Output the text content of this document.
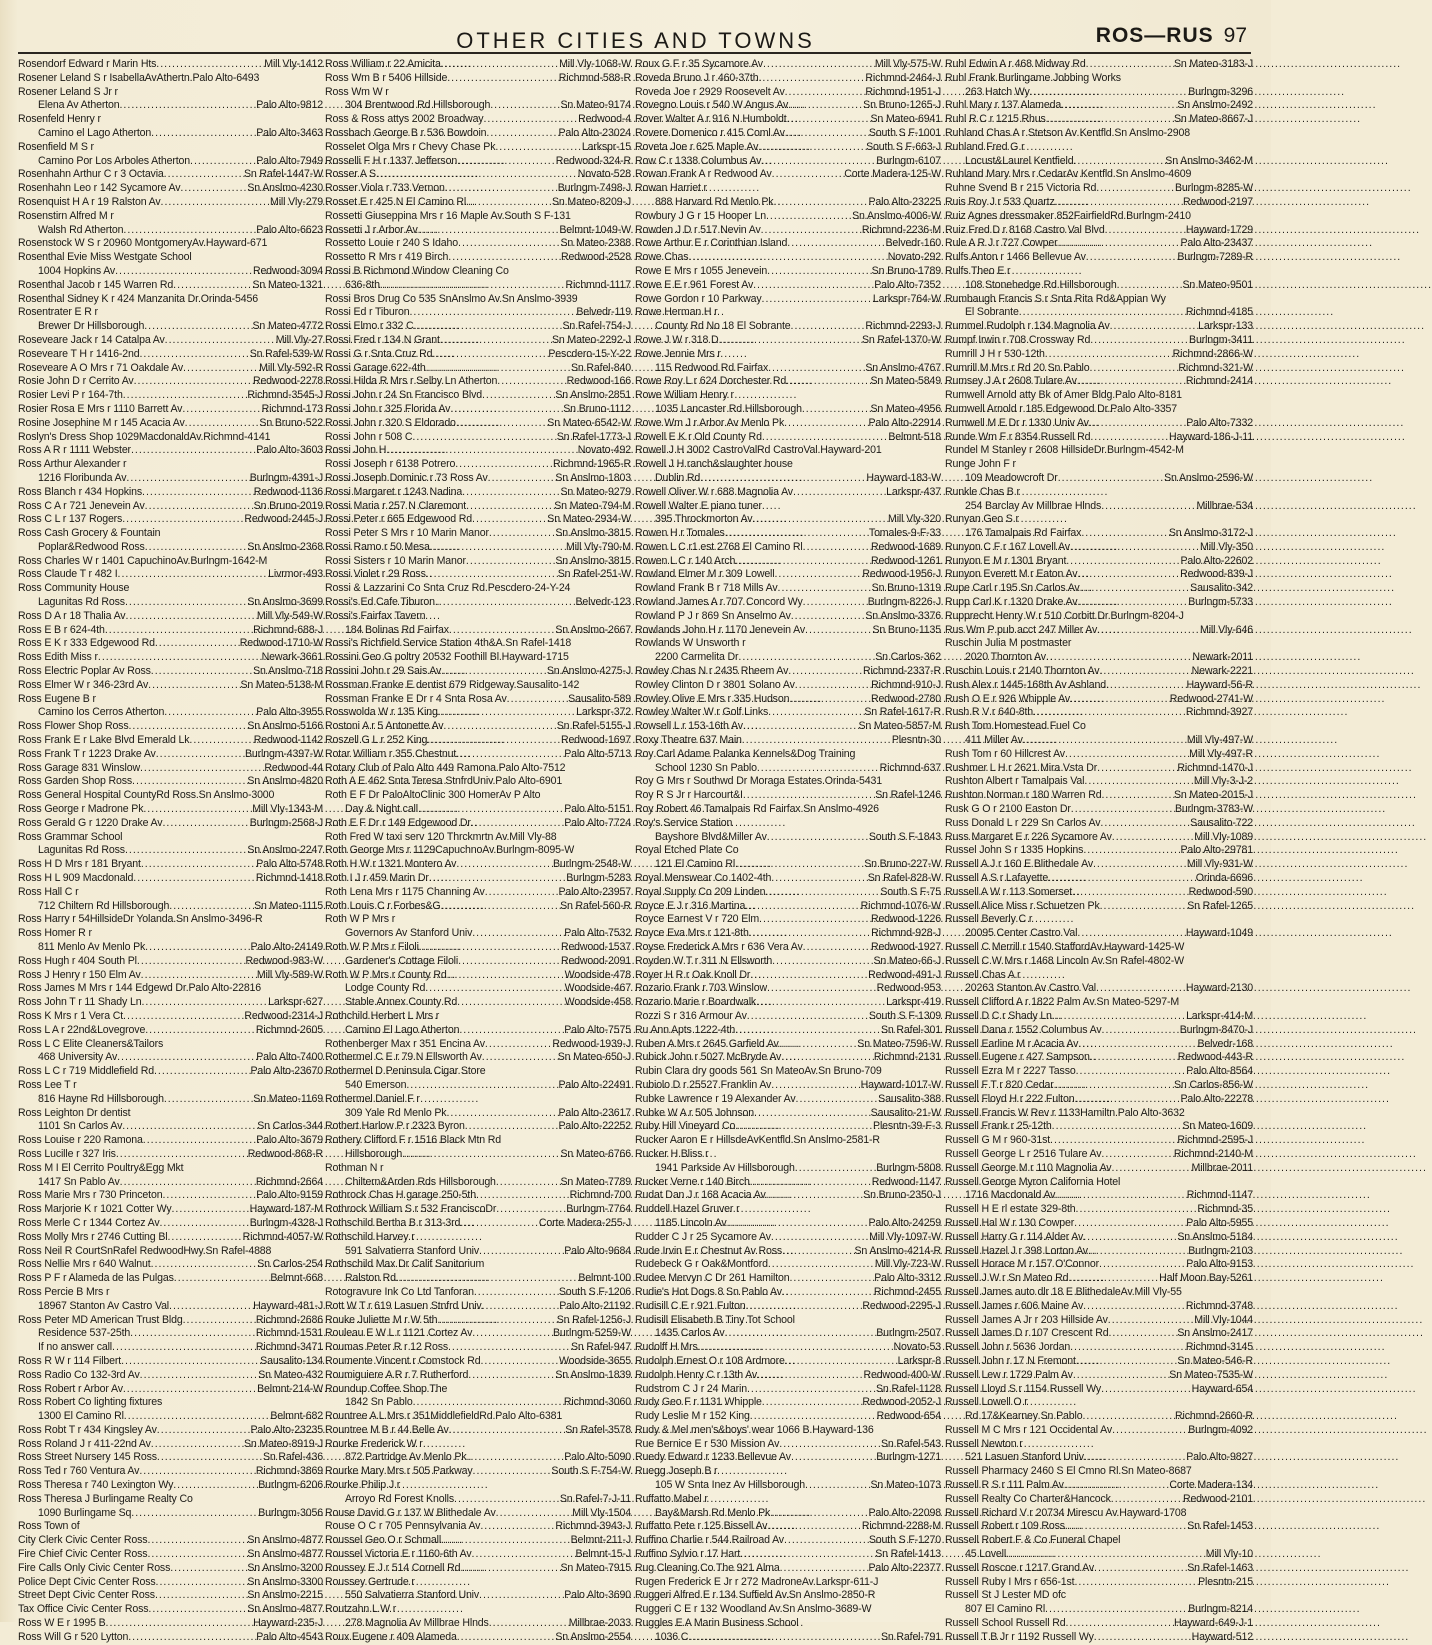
OTHER CITIES AND TOWNS	ROS—RUS 97
Rosendorf Edward r Marin Hts .....	Mill Vly-1412
Rosener Leland S r IsabellaAvAthertn.Palo Alto-6493
Rosener Leland S Jr r
Elena Av Atherton .....	Palo Alto-9812
Rosenfeld Henry r
Camino el Lago Atherton .....	Palo Alto-3463
Rosenfield M S r
Camino Por Los Arboles Atherton .....	Palo Alto-7949
Rosenhahn Arthur C r 3 Octavia .....	Sn Rafel-1447-W
Rosenhahn Leo r 142 Sycamore Av .....	Sn Anslmo-4230
Rosenquist H A r 19 Ralston Av .....	Mill Vly-279
Rosenstirn Alfred M r
Walsh Rd Atherton .....	Palo Alto-6623
Rosenstock W S r 20960 MontgomeryAv.Hayward-671
Rosenthal Evie Miss Westgate School
1004 Hopkins Av .....	Redwood-3094
Rosenthal Jacob r 145 Warren Rd .....	Sn Mateo-1321
Rosenthal Sidney K r 424 Manzanita Dr.Orinda-5456
Rosentrater E R r
Brewer Dr Hillsborough .....	Sn Mateo-4772
Roseveare Jack r 14 Catalpa Av .....	Mill Vly-27
Roseveare T H r 1416-2nd .....	Sn Rafel-539-W
Roseveare A O Mrs r 71 Oakdale Av .....	Mill Vly-592-R
Rosie John D r Cerrito Av .....	Redwood-2278
Rosier Levi P r 164-7th .....	Richmnd-3545-J
Rosier Rosa E Mrs r 1110 Barrett Av .....	Richmnd-173
Rosine Josephine M r 145 Acacia Av .....	Sn Bruno-522
Roslyn's Dress Shop 1029MacdonaldAv.Richmnd-4141
Ross A R r 1111 Webster .....	Palo Alto-3603
Ross Arthur Alexander r
1216 Floribunda Av .....	Burlngm-4391-J
Ross Blanch r 434 Hopkins .....	Redwood-1136
Ross C A r 721 Jenevein Av .....	Sn Bruno-2019
Ross C L r 137 Rogers .....	Redwood-2445-J
Ross Cash Grocery & Fountain
Poplar&Redwood Ross .....	Sn Anslmo-2368
Ross Charles W r 1401 CapuchinoAv.Burlngm-1642-M
Ross Claude T r 482 I .....	Livrmor-493
Ross Community House
Lagunitas Rd Ross .....	Sn Anslmo-3699
Ross D A r 18 Thalia Av .....	Mill Vly-549-W
Ross E B r 624-4th .....	Richmnd-688-J
Ross E K r 333 Edgewood Rd .....	Redwood-1710-W
Ross Edith Miss r .....	Newark-3661
Ross Electric Poplar Av Ross .....	Sn Anslmo-718
Ross Elmer W r 346-23rd Av .....	Sn Mateo-5138-M
Ross Eugene B r
Camino los Cerros Atherton .....	Palo Alto-3955
Ross Flower Shop Ross .....	Sn Anslmo-5166
Ross Frank E r Lake Blvd Emerald Lk .....	Redwood-1142
Ross Frank T r 1223 Drake Av .....	Burlngm-4397-W
Ross Garage 831 Winslow .....	Redwood-44
Ross Garden Shop Ross .....	Sn Anslmo-4820
Ross General Hospital CountyRd Ross.Sn Anslmo-3000
Ross George r Madrone Pk .....	Mill Vly-1343-M
Ross Gerald G r 1220 Drake Av .....	Burlngm-2568-J
Ross Grammar School
Lagunitas Rd Ross .....	Sn Anslmo-2247
Ross H D Mrs r 181 Bryant .....	Palo Alto-5748
Ross H L 909 Macdonald .....	Richmnd-1418
Ross Hall C r
712 Chiltern Rd Hillsborough .....	Sn Mateo-1115
Ross Harry r 54HillsideDr Yolanda.Sn Anslmo-3496-R
Ross Homer R r
811 Menlo Av Menlo Pk .....	Palo Alto-24149
Ross Hugh r 404 South Pl .....	Redwood-983-W
Ross J Henry r 150 Elm Av .....	Mill Vly-589-W
Ross James M Mrs r 144 Edgewd Dr.Palo Alto-22816
Ross John T r 11 Shady Ln .....	Larkspr-627
Ross K Mrs r 1 Vera Ct .....	Redwood-2314-J
Ross L A r 22nd&Lovegrove .....	Richmnd-2605
Ross L C Elite Cleaners&Tailors
468 University Av .....	Palo Alto-7400
Ross L C r 719 Middlefield Rd .....	Palo Alto-23670
Ross Lee T r
816 Hayne Rd Hillsborough .....	Sn Mateo-1169
Ross Leighton Dr dentist
1101 Sn Carlos Av .....	Sn Carlos-344
Ross Louise r 220 Ramona .....	Palo Alto-3679
Ross Lucille r 327 Iris .....	Redwood-868-R
Ross M I El Cerrito Poultry&Egg Mkt
1417 Sn Pablo Av .....	Richmnd-2664
Ross Marie Mrs r 730 Princeton .....	Palo Alto-9159
Ross Marjorie K r 1021 Cotter Wy .....	Hayward-187-M
Ross Merle C r 1344 Cortez Av .....	Burlngm-4328-J
Ross Molly Mrs r 2746 Cutting Bl .....	Richmnd-4057-W
Ross Neil R CourtSnRafel RedwoodHwy.Sn Rafel-4888
Ross Nellie Mrs r 640 Walnut .....	Sn Carlos-254
Ross P F r Alameda de las Pulgas .....	Belmnt-668
Ross Percie B Mrs r
18967 Stanton Av Castro Val .....	Hayward-481-J
Ross Peter MD American Trust Bldg .....	Richmnd-2686
Residence 537-25th .....	Richmnd-1531
If no answer call .....	Richmnd-3471
Ross R W r 114 Filbert .....	Sausalito-134
Ross Radio Co 132-3rd Av .....	Sn Mateo-432
Ross Robert r Arbor Av .....	Belmnt-214-W
Ross Robert Co lighting fixtures
1300 El Camino Rl .....	Belmnt-682
Ross Robt T r 434 Kingsley Av .....	Palo Alto-23235
Ross Roland J r 411-22nd Av .....	Sn Mateo-8919-J
Ross Street Nursery 145 Ross .....	Sn Rafel-436
Ross Ted r 760 Ventura Av .....	Richmnd-3869
Ross Theresa r 740 Lexington Wy .....	Burlngm-6206
Ross Theresa J Burlingame Realty Co
1090 Burlingame Sq .....	Burlngm-3056
Ross Town of
City Clerk Civic Center Ross .....	Sn Anslmo-4877
Fire Chief Civic Center Ross .....	Sn Anslmo-4877
Fire Calls Only Civic Center Ross .....	Sn Anslmo-3200
Police Dept Civic Center Ross .....	Sn Anslmo-3300
Street Dept Civic Center Ross .....	Sn Anslmo-2215
Tax Office Civic Center Ross .....	Sn Anslmo-4877
Ross W E r 1995 B .....	Hayward-235-J
Ross Will G r 520 Lytton .....	Palo Alto-4543
Ross William r 22 Amicita .....	Mill Vly-1068-W
Ross Wm B r 5406 Hillside .....	Richmnd-588-R
Ross Wm W r
304 Brentwood Rd Hillsborough .....	Sn Mateo-9174
Ross & Ross attys 2002 Broadway .....	Redwood-4
Rossbach George B r 536 Bowdoin .....	Palo Alto-23024
Rosselet Olga Mrs r Chevy Chase Pk .....	Larkspr-15
Rosselli F H r 1337 Jefferson .....	Redwood-324-R
Rosser A S .....	Novato-528
Rosser Viola r 733 Vernon .....	Burlngm-7498-J
Rosset E r 425 N El Camino Rl .....	Sn Mateo-8209-J
Rossetti Giuseppina Mrs r 16 Maple Av.South S F-131
Rossetti J r Arbor Av .....	Belmnt-1049-W
Rossetto Louie r 240 S Idaho .....	Sn Mateo-2388
Rossetto R Mrs r 419 Birch .....	Redwood-2528
Rossi B Richmond Window Cleaning Co
636-8th .....	Richmnd-1117
Rossi Bros Drug Co 535 SnAnslmo Av.Sn Anslmo-3939
Rossi Ed r Tiburon .....	Belvedr-119
Rossi Elmo r 332 C .....	Sn Rafel-754-J
Rossi Fred r 134 N Grant .....	Sn Mateo-2292-J
Rossi G r Snta Cruz Rd .....	Pescdero-15-Y-22
Rossi Garage 622-4th .....	Sn Rafel-840
Rossi Hilda R Mrs r Selby Ln Atherton .....	Redwood-166
Rossi John r 24 Sn Francisco Blvd .....	Sn Anslmo-2851
Rossi John r 325 Florida Av .....	Sn Bruno-1112
Rossi John r 320 S Eldorado .....	Sn Mateo-6542-W
Rossi John r 508 C .....	Sn Rafel-1773-J
Rossi John H .....	Novato-492
Rossi Joseph r 6138 Potrero .....	Richmnd-1965-R
Rossi Joseph Dominic r 73 Ross Av .....	Sn Anslmo-1803
Rossi Margaret r 1243 Nadina .....	Sn Mateo-9279
Rossi Maria r 257 N Claremont .....	Sn Mateo-794-M
Rossi Peter r 665 Edgewood Rd .....	Sn Mateo-2934-W
Rossi Peter S Mrs r 10 Marin Manor .....	Sn Anslmo-3815
Rossi Ramo r 50 Mesa .....	Mill Vly-790-M
Rossi Sisters r 10 Marin Manor .....	Sn Anslmo-3815
Rossi Violet r 29 Ross .....	Sn Rafel-251-W
Rossi & Lazzarini Co Snta Cruz Rd.Pescdero-24-Y-24
Rossi's Ed Cafe Tiburon .....	Belvedr-123
Rossi's Fairfax Tavern
184 Bolinas Rd Fairfax .....	Sn Anslmo-2667
Rossi's Richfield Service Station 4th&A.Sn Rafel-1418
Rossini Geo G poltry 20532 Foothill Bl.Hayward-1715
Rossini John r 29 Sais Av .....	Sn Anslmo-4275-J
Rossman Franke E dentist 679 Ridgeway.Sausalito-142
Rossman Franke E Dr r 4 Snta Rosa Av .....	Sausalito-589
Rosswolda W r 135 King .....	Larkspr-372
Rostoni A r 5 Antonette Av .....	Sn Rafel-5155-J
Roszell G L r 252 King .....	Redwood-1697
Rotar William r 355 Chestnut .....	Palo Alto-5713
Rotary Club of Palo Alto 449 Ramona.Palo Alto-7512
Roth A E 462 Snta Teresa StnfrdUniv.Palo Alto-6901
Roth E F Dr PaloAltoClinic 300 HomerAv P Alto
Day & Night call .....	Palo Alto-5151
Roth E F Dr r 149 Edgewood Dr .....	Palo Alto-7724
Roth Fred W taxi serv 120 Thrckmrtn Av.Mill Vly-88
Roth George Mrs r 1129CapuchnoAv.Burlngm-8095-W
Roth H W r 1321 Montero Av .....	Burlngm-2548-W
Roth I J r 459 Marin Dr .....	Burlngm-5283
Roth Lena Mrs r 1175 Channing Av .....	Palo Alto-23957
Roth Louis C r Forbes&G .....	Sn Rafel-560-R
Roth W P Mrs r
Governors Av Stanford Univ .....	Palo Alto-7532
Roth W P Mrs r Filoli .....	Redwood-1537
Gardener's Cottage Filoli .....	Redwood-2091
Roth W P Mrs r County Rd .....	Woodside-478
Lodge County Rd .....	Woodside-467
Stable Annex County Rd .....	Woodside-458
Rothchild Herbert L Mrs r
Camino El Lago Atherton .....	Palo Alto-7575
Rothenberger Max r 351 Encina Av .....	Redwood-1939-J
Rothermel C E r 79 N Ellsworth Av .....	Sn Mateo-650-J
Rothermel D Peninsula Cigar Store
540 Emerson .....	Palo Alto-22491
Rothermel Daniel F r
309 Yale Rd Menlo Pk .....	Palo Alto-23617
Rothert Harlow P r 2323 Byron .....	Palo Alto-22252
Rothery Clifford F r 1516 Black Mtn Rd
Hillsborough .....	Sn Mateo-6766
Rothman N r
Chiltern&Arden Rds Hillsborough .....	Sn Mateo-7789
Rothrock Chas H garage 250-5th .....	Richmnd-700
Rothrock William S r 532 FranciscoDr .....	Burlngm-7764
Rothschild Bertha B r 313-3rd .....	Corte Madera-255-J
Rothschild Harvey r
591 Salvatierra Stanford Univ .....	Palo Alto-9684
Rothschild Max Dr Calif Sanitorium
Ralston Rd .....	Belmnt-100
Rotogravure Ink Co Ltd Tanforan .....	South S F-1206
Rott W T r 619 Lasuen Stnfrd Univ .....	Palo Alto-21192
Rouke Juliette M r W 5th .....	Sn Rafel-1256-J
Rouleau E W L r 1121 Cortez Av .....	Burlngm-5259-W
Roumas Peter R r 12 Ross .....	Sn Rafel-947
Roumente Vincent r Comstock Rd .....	Woodside-3655
Roumiguiere A R r 7 Rutherford .....	Sn Anslmo-1839
Roundup Coffee Shop The
1842 Sn Pablo .....	Richmnd-3060
Rountree A L Mrs r 351MiddlefieldRd.Palo Alto-6381
Rountree M B r 44 Belle Av .....	Sn Rafel-3578
Rourke Frederick W r
872 Partridge Av Menlo Pk .....	Palo Alto-5090
Rourke Mary Mrs r 505 Parkway .....	South S F-754-W
Rourke Philip J r
Arroyo Rd Forest Knolls .....	Sn Rafel-7-J-11
Rouse David G r 137 W Blithedale Av .....	Mill Vly-1504
Rouse O C r 705 Pennsylvania Av .....	Richmnd-3943-J
Roussel Geo O r Schmall .....	Belmnt-211-J
Roussel Victoria E r 1160-6th Av .....	Belmnt-15-J
Roussey E J r 514 Cornell Rd .....	Sn Mateo-7915
Roussey Gertrude r
550 Salvatierra Stanford Univ .....	Palo Alto-3690
Routzahn L W r
278 Magnolia Av Millbrae Hlnds .....	Millbrae-2033
Roux Eugene r 409 Alameda .....	Sn Anslmo-2554
Roux G F r 35 Sycamore Av .....	Mill Vly-575-W
Roveda Bruno J r 460-37th .....	Richmnd-2464-J
Roveda Joe r 2929 Roosevelt Av .....	Richmnd-1951-J
Rovegno Louis r 540 W Angus Av .....	Sn Bruno-1265-J
Rover Walter A r 916 N Humboldt .....	Sn Mateo-6941
Rovere Domenico r 415 Coml Av .....	South S F-1001
Roveta Joe r 625 Maple Av .....	South S F-663-J
Row C r 1338 Columbus Av .....	Burlngm-6107
Rowan Frank A r Redwood Av .....	Corte Madera-125-W
Rowan Harriet r
888 Harvard Rd Menlo Pk .....	Palo Alto-23225
Rowbury J G r 15 Hooper Ln .....	Sn Anslmo-4006-W
Rowden J D r 517 Nevin Av .....	Richmnd-2236-M
Rowe Arthur E r Corinthian Island .....	Belvedr-160
Rowe Chas .....	Novato-292
Rowe E Mrs r 1055 Jenevein .....	Sn Bruno-1789
Rowe E E r 961 Forest Av .....	Palo Alto-7352
Rowe Gordon r 10 Parkway .....	Larkspr-764-W
Rowe Herman H r
County Rd No 18 El Sobrante .....	Richmnd-2293-J
Rowe J W r 318 D .....	Sn Rafel-1370-W
Rowe Jennie Mrs r
115 Redwood Rd Fairfax .....	Sn Anslmo-4767
Rowe Roy L r 624 Dorchester Rd .....	Sn Mateo-5849
Rowe William Henry r
1035 Lancaster Rd Hillsborough .....	Sn Mateo-4956
Rowe Wm J r Arbor Av Menlo Pk .....	Palo Alto-22914
Rowell E K r Old County Rd .....	Belmnt-518
Rowell J H 3002 CastroValRd CastroVal.Hayward-201
Rowell J H ranch&slaughter house
Dublin Rd .....	Hayward-183-W
Rowell Oliver W r 688 Magnolia Av .....	Larkspr-437
Rowell Walter E piano tuner
395 Throckmorton Av .....	Mill Vly-320
Rowen H r Tomales .....	Tomales-9-F-33
Rowen L C r1 est 2768 El Camino Rl .....	Redwood-1689
Rowen L C r 140 Arch .....	Redwood-1261
Rowland Elmer M r 309 Lowell .....	Redwood-1956-J
Rowland Frank B r 718 Mills Av .....	Sn Bruno-1319
Rowland James A r 707 Concord Wy .....	Burlngm-8226-J
Rowland P J r 869 Sn Anselmo Av .....	Sn Anslmo-3376
Rowlands John H r 1170 Jenevein Av .....	Sn Bruno-1135
Rowlands W Unsworth r
2200 Carmelita Dr .....	Sn Carlos-362
Rowley Chas N r 2435 Rheem Av .....	Richmnd-2337-R
Rowley Clinton D r 3801 Solano Av .....	Richmnd-910-J
Rowley Olive E Mrs r 335 Hudson .....	Redwood-2780
Rowley Walter W r Golf Links .....	Sn Rafel-1617-R
Rowsell L r 153-16th Av .....	Sn Mateo-5857-M
Roxy Theatre 637 Main .....	Plesntn-30
Roy Carl Adame Palanka Kennels&Dog Training
School 1230 Sn Pablo .....	Richmnd-637
Roy G Mrs r Southwd Dr Moraga Estates.Orinda-5431
Roy R S Jr r Harcourt&I .....	Sn Rafel-1246
Roy Robert 46 Tamalpais Rd Fairfax.Sn Anslmo-4926
Roy's Service Station
Bayshore Blvd&Miller Av .....	South S F-1843
Royal Etched Plate Co
121 El Camino Rl .....	Sn Bruno-227-W
Royal Menswear Co 1402-4th .....	Sn Rafel-828-W
Royal Supply Co 209 Linden .....	South S F-75
Royce E J r 316 Martina .....	Richmnd-1076-W
Royce Earnest V r 720 Elm .....	Redwood-1226
Royce Eva Mrs r 121-8th .....	Richmnd-928-J
Royse Frederick A Mrs r 636 Vera Av .....	Redwood-1927
Royden W T r 311 N Ellsworth .....	Sn Mateo-66-J
Royer H R r Oak Knoll Dr .....	Redwood-491-J
Rozario Frank r 703 Winslow .....	Redwood-953
Rozario Marie r Boardwalk .....	Larkspr-419
Rozzi S r 316 Armour Av .....	South S F-1309
Ru Ann Apts 1222-4th .....	Sn Rafel-301
Ruben A Mrs r 2645 Garfield Av .....	Sn Mateo-7596-W
Rubick John r 5027 McBryde Av .....	Richmnd-2131
Rubin Clara dry goods 561 Sn MateoAv.Sn Bruno-709
Rubiolo D r 25527 Franklin Av .....	Hayward-1017-W
Rubke Lawrence r 19 Alexander Av .....	Sausalito-388
Rubke W A r 505 Johnson .....	Sausalito-21-W
Ruby Hill Vineyard Co .....	Plesntn-39-F-3
Rucker Aaron E r HillsdeAvKentfld.Sn Anslmo-2581-R
Rucker H Bliss r
1941 Parkside Av Hillsborough .....	Burlngm-5808
Rucker Verne r 140 Birch .....	Redwood-1147
Rudat Dan J r 168 Acacia Av .....	Sn Bruno-2350-J
Ruddell Hazel Gruver r
1185 Lincoln Av .....	Palo Alto-24259
Rudder C J r 25 Sycamore Av .....	Mill Vly-1097-W
Rude Irvin E r Chestnut Av Ross .....	Sn Anslmo-4214-R
Rudebeck G r Oak&Montford .....	Mill Vly-723-W
Rudee Mervyn C Dr 261 Hamilton .....	Palo Alto-3312
Rudie's Hot Dogs 8 Sn Pablo Av .....	Richmnd-2455
Rudisill C E r 921 Fulton .....	Redwood-2295-J
Rudisill Elisabeth B Tiny Tot School
1435 Carlos Av .....	Burlngm-2507
Rudolff H Mrs .....	Novato-53
Rudolph Ernest O r 108 Ardmore .....	Larkspr-8
Rudolph Henry C r 13th Av .....	Redwood-400-W
Rudstrom C J r 24 Marin .....	Sn Rafel-1128
Rudy Geo F r 1131 Whipple .....	Redwood-2052-J
Rudy Leslie M r 152 King .....	Redwood-654
Rudy & Mel men's&boys' wear 1066 B.Hayward-136
Rue Bernice E r 530 Mission Av .....	Sn Rafel-543
Ruedy Edward r 1233 Bellevue Av .....	Burlngm-1271
Ruegg Joseph B r
105 W Snta Inez Av Hillsborough .....	Sn Mateo-1073
Ruffatto Mabel r
Bay&Marsh Rd Menlo Pk .....	Palo Alto-22098
Ruffatto Pete r 125 Bissell Av .....	Richmnd-2288-M
Ruffino Charlie r 544 Railroad Av .....	South S F-1270
Ruffino Sylvio r 17 Hart .....	Sn Rafel-1413
Rug Cleaning Co The 921 Alma .....	Palo Alto-22377
Rugen Frederick E Jr r 272 MadroneAv.Larkspr-611-J
Ruggeri Alfred E r 134 Suffield Av.Sn Anslmo-2850-R
Ruggeri C E r 132 Woodland Av.Sn Anslmo-3689-W
Ruggles E A Marin Business School
1036 C .....	Sn Rafel-791
Ruhl Edwin A r 468 Midway Rd .....	Sn Mateo-3183-J
Ruhl Frank Burlingame Jobbing Works
263 Hatch Wy .....	Burlngm-3296
Ruhl Mary r 137 Alameda .....	Sn Anslmo-2492
Ruhl R C r 1215 Rhus .....	Sn Mateo-8667-J
Ruhland Chas A r Stetson Av Kentfld.Sn Anslmo-2908
Ruhland Fred G r
Locust&Laurel Kentfield .....	Sn Anslmo-3462-M
Ruhland Mary Mrs r CedarAv Kentfld.Sn Anslmo-4609
Ruhne Svend B r 215 Victoria Rd .....	Burlngm-8285-W
Ruis Roy J r 533 Quartz .....	Redwood-2197
Ruiz Agnes dressmaker 852FairfieldRd.Burlngm-2410
Ruiz Fred D r 8168 Castro Val Blvd .....	Hayward-1729
Rule A R J r 727 Cowper .....	Palo Alto-23437
Rulfs Anton r 1466 Bellevue Av .....	Burlngm-7289-R
Rulfs Theo E r
108 Stonehedge Rd Hillsborough .....	Sn Mateo-9501
Rumbaugh Francis S r Snta Rita Rd&Appian Wy
El Sobrante .....	Richmnd-4185
Rummel Rudolph r 134 Magnolia Av .....	Larkspr-133
Rumpf Irwin r 708 Crossway Rd .....	Burlngm-3411
Rumrill J H r 530-12th .....	Richmnd-2866-W
Rumrill M Mrs r Rd 20 Sn Pablo .....	Richmnd-321-W
Rumsey J A r 2608 Tulare Av .....	Richmnd-2414
Rumwell Arnold atty Bk of Amer Bldg.Palo Alto-8181
Rumwell Arnold r 185 Edgewood Dr.Palo Alto-3357
Rumwell M E Dr r 1330 Univ Av .....	Palo Alto-7332
Runde Wm F r 8354 Russell Rd .....	Hayward-186-J-11
Rundel M Stanley r 2608 HillsideDr.Burlngm-4542-M
Runge John F r
109 Meadowcroft Dr .....	Sn Anslmo-2596-W
Runkle Chas B r
254 Barclay Av Millbrae Hlnds .....	Millbrae-534
Runyan Geo S r
176 Tamalpais Rd Fairfax .....	Sn Anslmo-3172-J
Runyon C F r 167 Lovell Av .....	Mill Vly-350
Runyon E M r 1301 Bryant .....	Palo Alto-22602
Runyon Everett M r Eaton Av .....	Redwood-839-J
Rupe Carl r 195 Sn Carlos Av .....	Sausalito-342
Rupp Carl K r 1320 Drake Av .....	Burlngm-5733
Rupprecht Henry W r 510 Corbitt Dr.Burlngm-8204-J
Rus Wm P pub acct 247 Miller Av .....	Mill Vly-646
Ruschin Julia M postmaster
2020 Thornton Av .....	Newark-2011
Ruschin Louis r 2140 Thornton Av .....	Newark-2221
Rush Alex r 1445-168th Av Ashland .....	Hayward-56-R
Rush O E r 926 Whipple Av .....	Redwood-2741-W
Rush R V r 640-8th .....	Richmnd-3927
Rush Tom Homestead Fuel Co
411 Miller Av .....	Mill Vly-497-W
Rush Tom r 60 Hillcrest Av .....	Mill Vly-497-R
Rushmer L H r 2621 Mira Vsta Dr .....	Richmnd-1470-J
Rushton Albert r Tamalpais Val .....	Mill Vly-3-J-2
Rushton Norman r 180 Warren Rd .....	Sn Mateo-2015-J
Rusk G O r 2100 Easton Dr .....	Burlngm-3783-W
Russ Donald L r 229 Sn Carlos Av .....	Sausalito-722
Russ Margaret E r 226 Sycamore Av .....	Mill Vly-1089
Russel John S r 1335 Hopkins .....	Palo Alto-29781
Russell A J r 160 E Blithedale Av .....	Mill Vly-931-W
Russell A S r Lafayette .....	Orinda-6696
Russell A W r 113 Somerset .....	Redwood-590
Russell Alice Miss r Schuetzen Pk .....	Sn Rafel-1265
Russell Beverly C r
20095 Center Castro Val .....	Hayward-1049
Russell C Merrill r 1540 StaffordAv.Hayward-1425-W
Russell C W Mrs r 1468 Lincoln Av.Sn Rafel-4802-W
Russell Chas A r
20263 Stanton Av Castro Val .....	Hayward-2130
Russell Clifford A r 1822 Palm Av.Sn Mateo-5297-M
Russell D C r Shady Ln .....	Larkspr-414-M
Russell Dana r 1552 Columbus Av .....	Burlngm-8470-J
Russell Earline M r Acacia Av .....	Belvedr-168
Russell Eugene r 427 Sampson .....	Redwood-443-R
Russell Ezra M r 2227 Tasso .....	Palo Alto-8564
Russell F T r 820 Cedar .....	Sn Carlos-856-W
Russell Floyd H r 222 Fulton .....	Palo Alto-22278
Russell Francis W Rev r 1133Hamiltn.Palo Alto-3632
Russell Frank r 25-12th .....	Sn Mateo-1609
Russell G M r 960-31st .....	Richmnd-2595-J
Russell George L r 2516 Tulare Av .....	Richmnd-2140-M
Russell George M r 110 Magnolia Av .....	Millbrae-2011
Russell George Myron California Hotel
1716 Macdonald Av .....	Richmnd-1147
Russell H E rl estate 329-8th .....	Richmnd-35
Russell Hal W r 130 Cowper .....	Palo Alto-5955
Russell Harry G r 114 Alder Av .....	Sn Anslmo-5184
Russell Hazel J r 398 Lorton Av .....	Burlngm-2103
Russell Horace M r 157 O'Connor .....	Palo Alto-9153
Russell J W r Sn Mateo Rd .....	Half Moon Bay-5261
Russell James auto dlr 18 E BlithedaleAv.Mill Vly-55
Russell James r 606 Maine Av .....	Richmnd-3748
Russell James A Jr r 203 Hillside Av .....	Mill Vly-1044
Russell James D r 107 Crescent Rd .....	Sn Anslmo-2417
Russell John r 5636 Jordan .....	Richmnd-3145
Russell John r 17 N Fremont .....	Sn Mateo-546-R
Russell Lew r 1729 Palm Av .....	Sn Mateo-7535-W
Russell Lloyd S r 1154 Russell Wy .....	Hayward-654
Russell Lowell O r
Rd 17&Kearney Sn Pablo .....	Richmnd-2660-R
Russell M C Mrs r 121 Occidental Av .....	Burlngm-4092
Russell Newton r
521 Lasuen Stanford Univ .....	Palo Alto-9827
Russell Pharmacy 2460 S El Cmno Rl.Sn Mateo-8687
Russell R S r 111 Palm Av .....	Corte Madera-134
Russell Realty Co Charter&Hancock .....	Redwood-2101
Russell Richard V r 20734 Mirescu Av.Hayward-1708
Russell Robert r 109 Ross .....	Sn Rafel-1453
Russell Robert F & Co Funeral Chapel
45 Lovell .....	Mill Vly-10
Russell Roscoe r 1217 Grand Av .....	Sn Rafel-1463
Russell Ruby I Mrs r 656-1st .....	Plesntn-215
Russell St J Lester MD ofc
807 El Camino Rl .....	Burlngm-8214
Russell School Russell Rd .....	Hayward-649-J-1
Russell T B Jr r 1192 Russell Wy .....	Hayward-512
